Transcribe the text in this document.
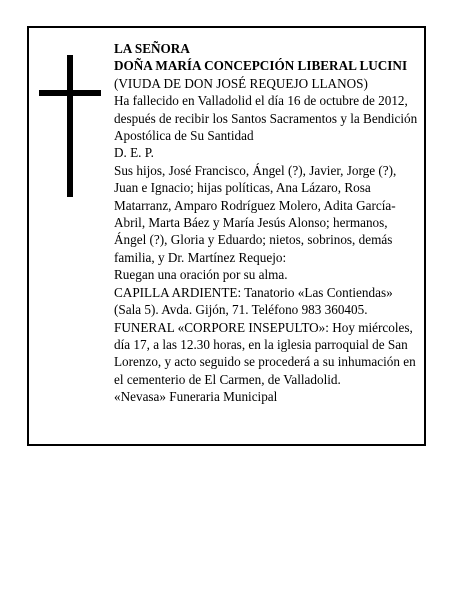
LA SEÑORA

DOÑA MARÍA CONCEPCIÓN LIBERAL LUCINI

(VIUDA DE DON JOSÉ REQUEJO LLANOS)

Ha fallecido en Valladolid el día 16 de octubre de 2012, después de recibir los Santos Sacramentos y la Bendición Apostólica de Su Santidad

D. E. P.

Sus hijos, José Francisco, Ángel (?), Javier, Jorge (?), Juan e Ignacio; hijas políticas, Ana Lázaro, Rosa Matarranz, Amparo Rodríguez Molero, Adita García-Abril, Marta Báez y María Jesús Alonso; hermanos, Ángel (?), Gloria y Eduardo; nietos, sobrinos, demás familia, y Dr. Martínez Requejo:

Ruegan una oración por su alma.

CAPILLA ARDIENTE: Tanatorio «Las Contiendas» (Sala 5). Avda. Gijón, 71. Teléfono 983 360405.

FUNERAL «CORPORE INSEPULTO»: Hoy miércoles, día 17, a las 12.30 horas, en la iglesia parroquial de San Lorenzo, y acto seguido se procederá a su inhumación en el cementerio de El Carmen, de Valladolid.

«Nevasa» Funeraria Municipal
